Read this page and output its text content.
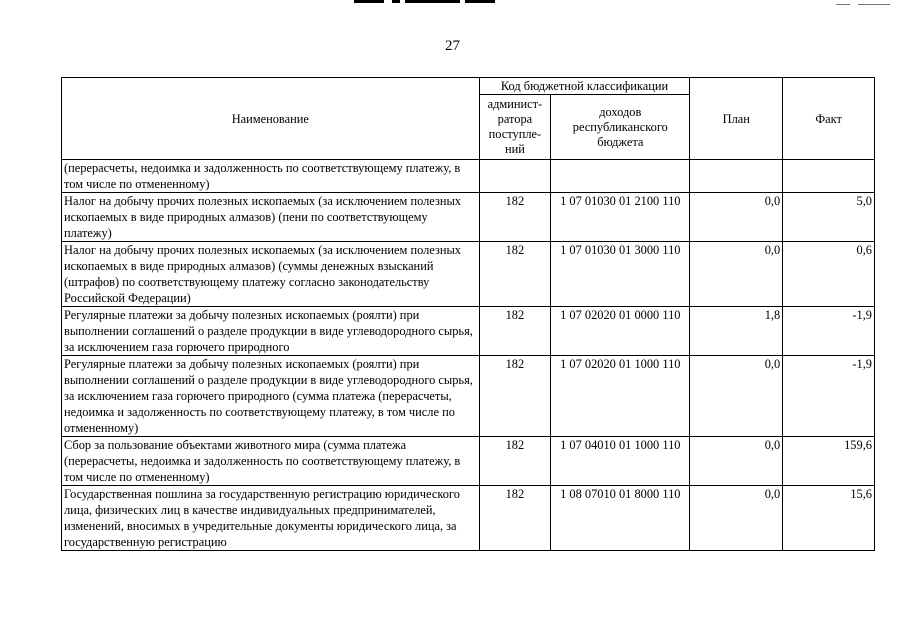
27
Наименование	Код бюджетной классификации		План	Факт
	админист-ратора поступле-ний	доходов республиканского бюджета		
(перерасчеты, недоимка и задолженность по соответствующему платежу, в том числе по отмененному)				
Налог на добычу прочих полезных ископаемых (за исключением полезных ископаемых в виде природных алмазов) (пени по соответствующему платежу)	182	1 07 01030 01 2100 110	0,0	5,0
Налог на добычу прочих полезных ископаемых (за исключением полезных ископаемых в виде природных алмазов) (суммы денежных взысканий (штрафов) по соответствующему платежу согласно законодательству Российской Федерации)	182	1 07 01030 01 3000 110	0,0	0,6
Регулярные платежи за добычу полезных ископаемых (роялти) при выполнении соглашений о разделе продукции в виде углеводородного сырья, за исключением газа горючего природного	182	1 07 02020 01 0000 110	1,8	-1,9
Регулярные платежи за добычу полезных ископаемых (роялти) при выполнении соглашений о разделе продукции в виде углеводородного сырья, за исключением газа горючего природного (сумма платежа (перерасчеты, недоимка и задолженность по соответствующему платежу, в том числе по отмененному)	182	1 07 02020 01 1000 110	0,0	-1,9
Сбор за пользование объектами животного мира (сумма платежа (перерасчеты, недоимка и задолженность по соответствующему платежу, в том числе по отмененному)	182	1 07 04010 01 1000 110	0,0	159,6
Государственная пошлина за государственную регистрацию юридического лица, физических лиц в качестве индивидуальных предпринимателей, изменений, вносимых в учредительные документы юридического лица, за государственную регистрацию	182	1 08 07010 01 8000 110	0,0	15,6
